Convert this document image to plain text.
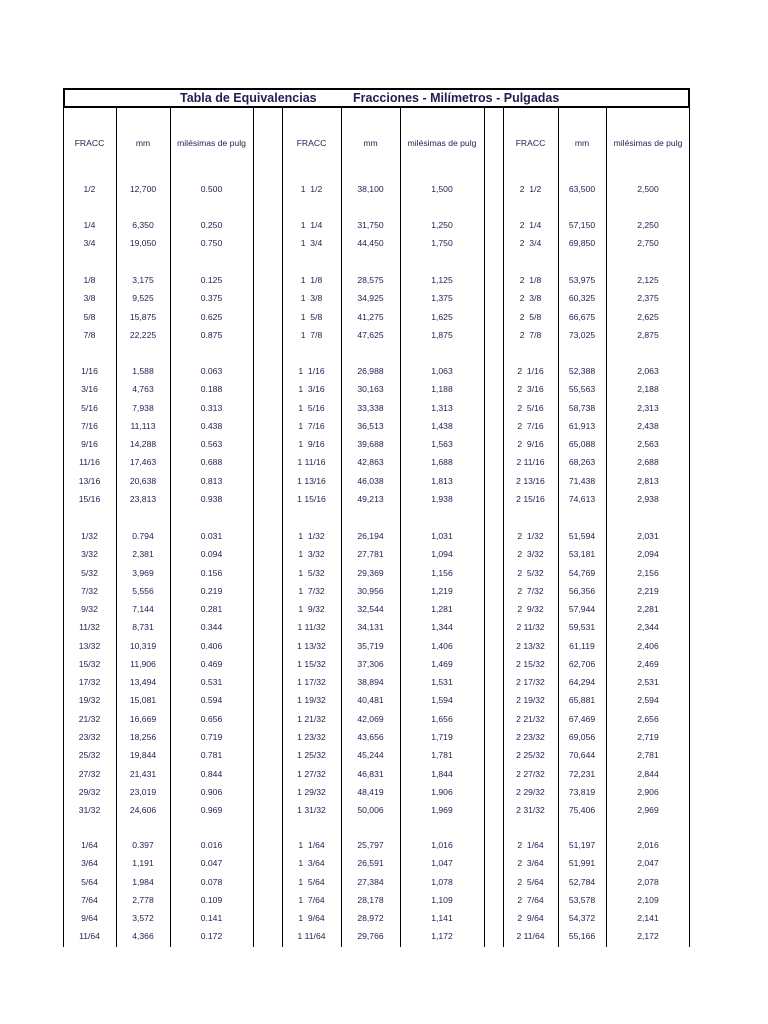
Tabla de Equivalencias	Fracciones - Milímetros - Pulgadas
FRACC	mm	milésimas de pulg	FRACC	mm	milésimas de pulg	FRACC	mm	milésimas de pulg
1/2	12,700	0.500	1  1/2	38,100	1,500	2  1/2	63,500	2,500
1/4	6,350	0.250	1  1/4	31,750	1,250	2  1/4	57,150	2,250
3/4	19,050	0.750	1  3/4	44,450	1,750	2  3/4	69,850	2,750
1/8	3,175	0.125	1  1/8	28,575	1,125	2  1/8	53,975	2,125
3/8	9,525	0.375	1  3/8	34,925	1,375	2  3/8	60,325	2,375
5/8	15,875	0.625	1  5/8	41,275	1,625	2  5/8	66,675	2,625
7/8	22,225	0.875	1  7/8	47,625	1,875	2  7/8	73,025	2,875
1/16	1,588	0.063	1  1/16	26,988	1,063	2  1/16	52,388	2,063
3/16	4,763	0.188	1  3/16	30,163	1,188	2  3/16	55,563	2,188
5/16	7,938	0.313	1  5/16	33,338	1,313	2  5/16	58,738	2,313
7/16	11,113	0.438	1  7/16	36,513	1,438	2  7/16	61,913	2,438
9/16	14,288	0.563	1  9/16	39,688	1,563	2  9/16	65,088	2,563
11/16	17,463	0.688	1 11/16	42,863	1,688	2 11/16	68,263	2,688
13/16	20,638	0.813	1 13/16	46,038	1,813	2 13/16	71,438	2,813
15/16	23,813	0.938	1 15/16	49,213	1,938	2 15/16	74,613	2,938
1/32	0.794	0.031	1  1/32	26,194	1,031	2  1/32	51,594	2,031
3/32	2,381	0.094	1  3/32	27,781	1,094	2  3/32	53,181	2,094
5/32	3,969	0.156	1  5/32	29,369	1,156	2  5/32	54,769	2,156
7/32	5,556	0.219	1  7/32	30,956	1,219	2  7/32	56,356	2,219
9/32	7,144	0.281	1  9/32	32,544	1,281	2  9/32	57,944	2,281
11/32	8,731	0.344	1 11/32	34,131	1,344	2 11/32	59,531	2,344
13/32	10,319	0.406	1 13/32	35,719	1,406	2 13/32	61,119	2,406
15/32	11,906	0.469	1 15/32	37,306	1,469	2 15/32	62,706	2,469
17/32	13,494	0.531	1 17/32	38,894	1,531	2 17/32	64,294	2,531
19/32	15,081	0.594	1 19/32	40,481	1,594	2 19/32	65,881	2,594
21/32	16,669	0.656	1 21/32	42,069	1,656	2 21/32	67,469	2,656
23/32	18,256	0.719	1 23/32	43,656	1,719	2 23/32	69,056	2,719
25/32	19,844	0.781	1 25/32	45,244	1,781	2 25/32	70,644	2,781
27/32	21,431	0.844	1 27/32	46,831	1,844	2 27/32	72,231	2,844
29/32	23,019	0.906	1 29/32	48,419	1,906	2 29/32	73,819	2,906
31/32	24,606	0.969	1 31/32	50,006	1,969	2 31/32	75,406	2,969
1/64	0.397	0.016	1  1/64	25,797	1,016	2  1/64	51,197	2,016
3/64	1,191	0.047	1  3/64	26,591	1,047	2  3/64	51,991	2,047
5/64	1,984	0.078	1  5/64	27,384	1,078	2  5/64	52,784	2,078
7/64	2,778	0.109	1  7/64	28,178	1,109	2  7/64	53,578	2,109
9/64	3,572	0.141	1  9/64	28,972	1,141	2  9/64	54,372	2,141
11/64	4,366	0.172	1 11/64	29,766	1,172	2 11/64	55,166	2,172
